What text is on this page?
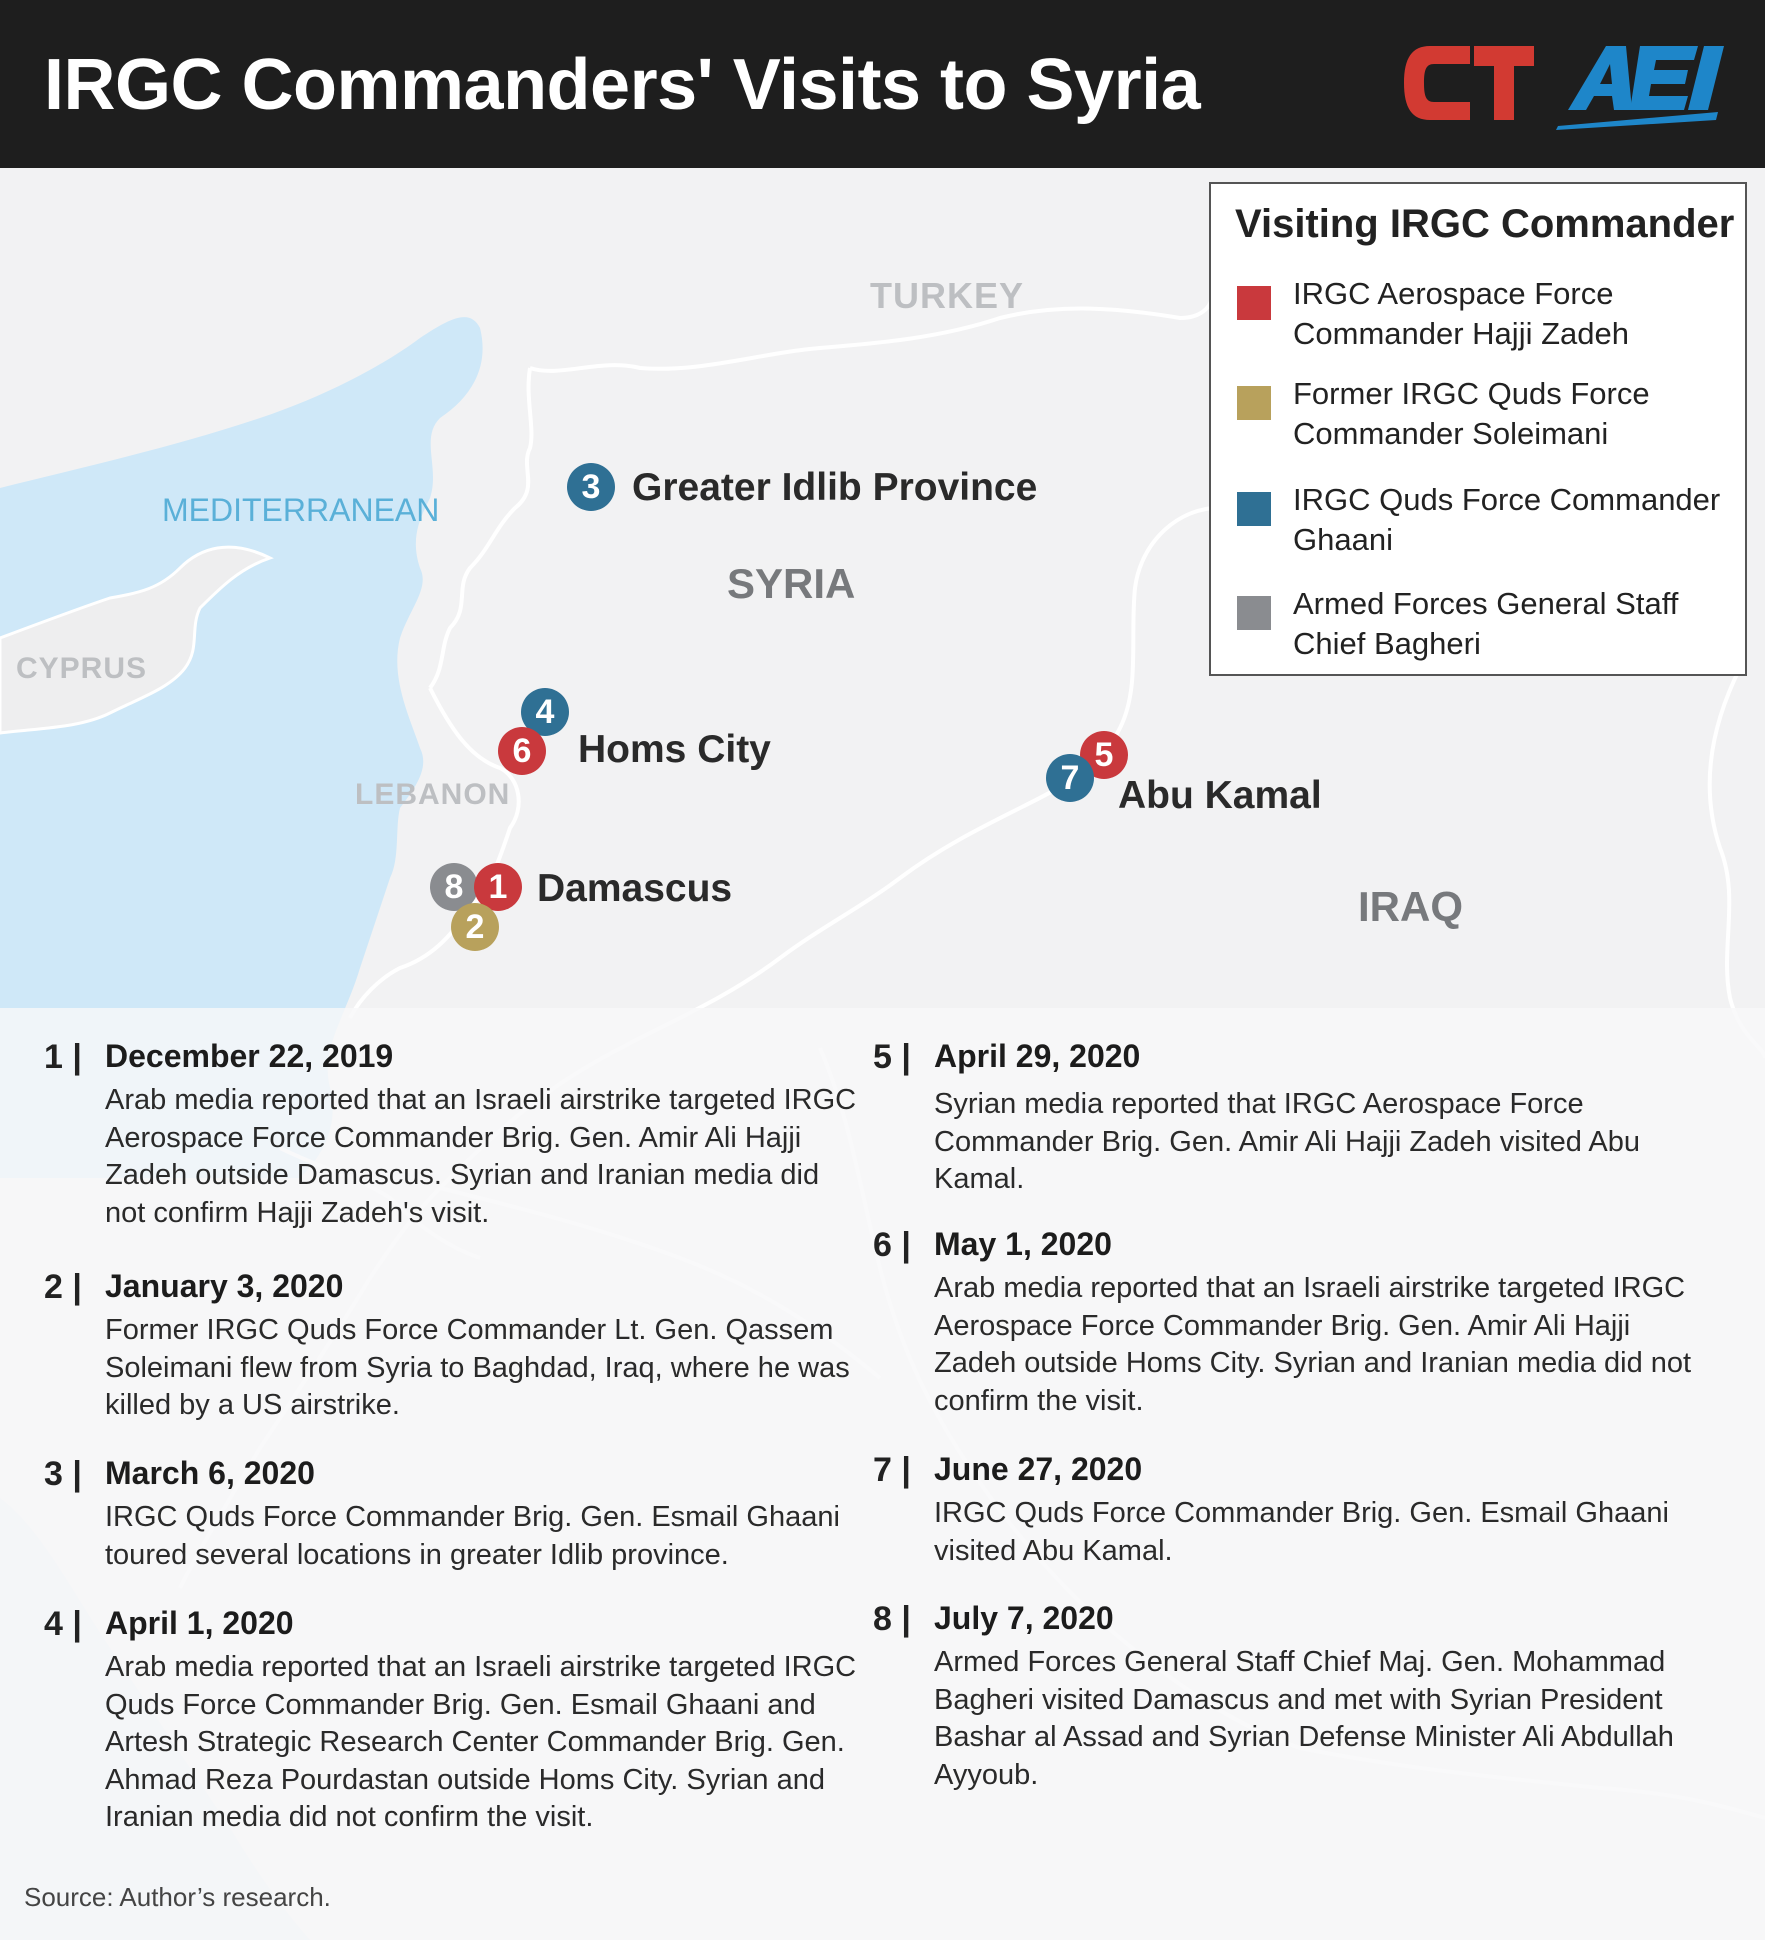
IRGC Commanders' Visits to Syria
CT
AEI
TURKEY
MEDITERRANEAN
CYPRUS
LEBANON
SYRIA
IRAQ
3 Greater Idlib Province
4
6	Homs City	5
7 Abu Kamal
8 1
2
Damascus
Visiting IRGC Commander
IRGC Aerospace Force Commander Hajji Zadeh
Former IRGC Quds Force Commander Soleimani
IRGC Quds Force Commander Ghaani
Armed Forces General Staff Chief Bagheri
1 | December 22, 2019
Arab media reported that an Israeli airstrike targeted IRGC Aerospace Force Commander Brig. Gen. Amir Ali Hajji Zadeh outside Damascus. Syrian and Iranian media did not confirm Hajji Zadeh's visit.
2 | January 3, 2020
Former IRGC Quds Force Commander Lt. Gen. Qassem Soleimani flew from Syria to Baghdad, Iraq, where he was killed by a US airstrike.
3 | March 6, 2020
IRGC Quds Force Commander Brig. Gen. Esmail Ghaani toured several locations in greater Idlib province.
4 | April 1, 2020
Arab media reported that an Israeli airstrike targeted IRGC Quds Force Commander Brig. Gen. Esmail Ghaani and Artesh Strategic Research Center Commander Brig. Gen. Ahmad Reza Pourdastan outside Homs City. Syrian and Iranian media did not confirm the visit.
5 | April 29, 2020
Syrian media reported that IRGC Aerospace Force Commander Brig. Gen. Amir Ali Hajji Zadeh visited Abu Kamal.
6 | May 1, 2020
Arab media reported that an Israeli airstrike targeted IRGC Aerospace Force Commander Brig. Gen. Amir Ali Hajji Zadeh outside Homs City. Syrian and Iranian media did not confirm the visit.
7 | June 27, 2020
IRGC Quds Force Commander Brig. Gen. Esmail Ghaani visited Abu Kamal.
8 | July 7, 2020
Armed Forces General Staff Chief Maj. Gen. Mohammad Bagheri visited Damascus and met with Syrian President Bashar al Assad and Syrian Defense Minister Ali Abdullah Ayyoub.
Source: Author’s research.
